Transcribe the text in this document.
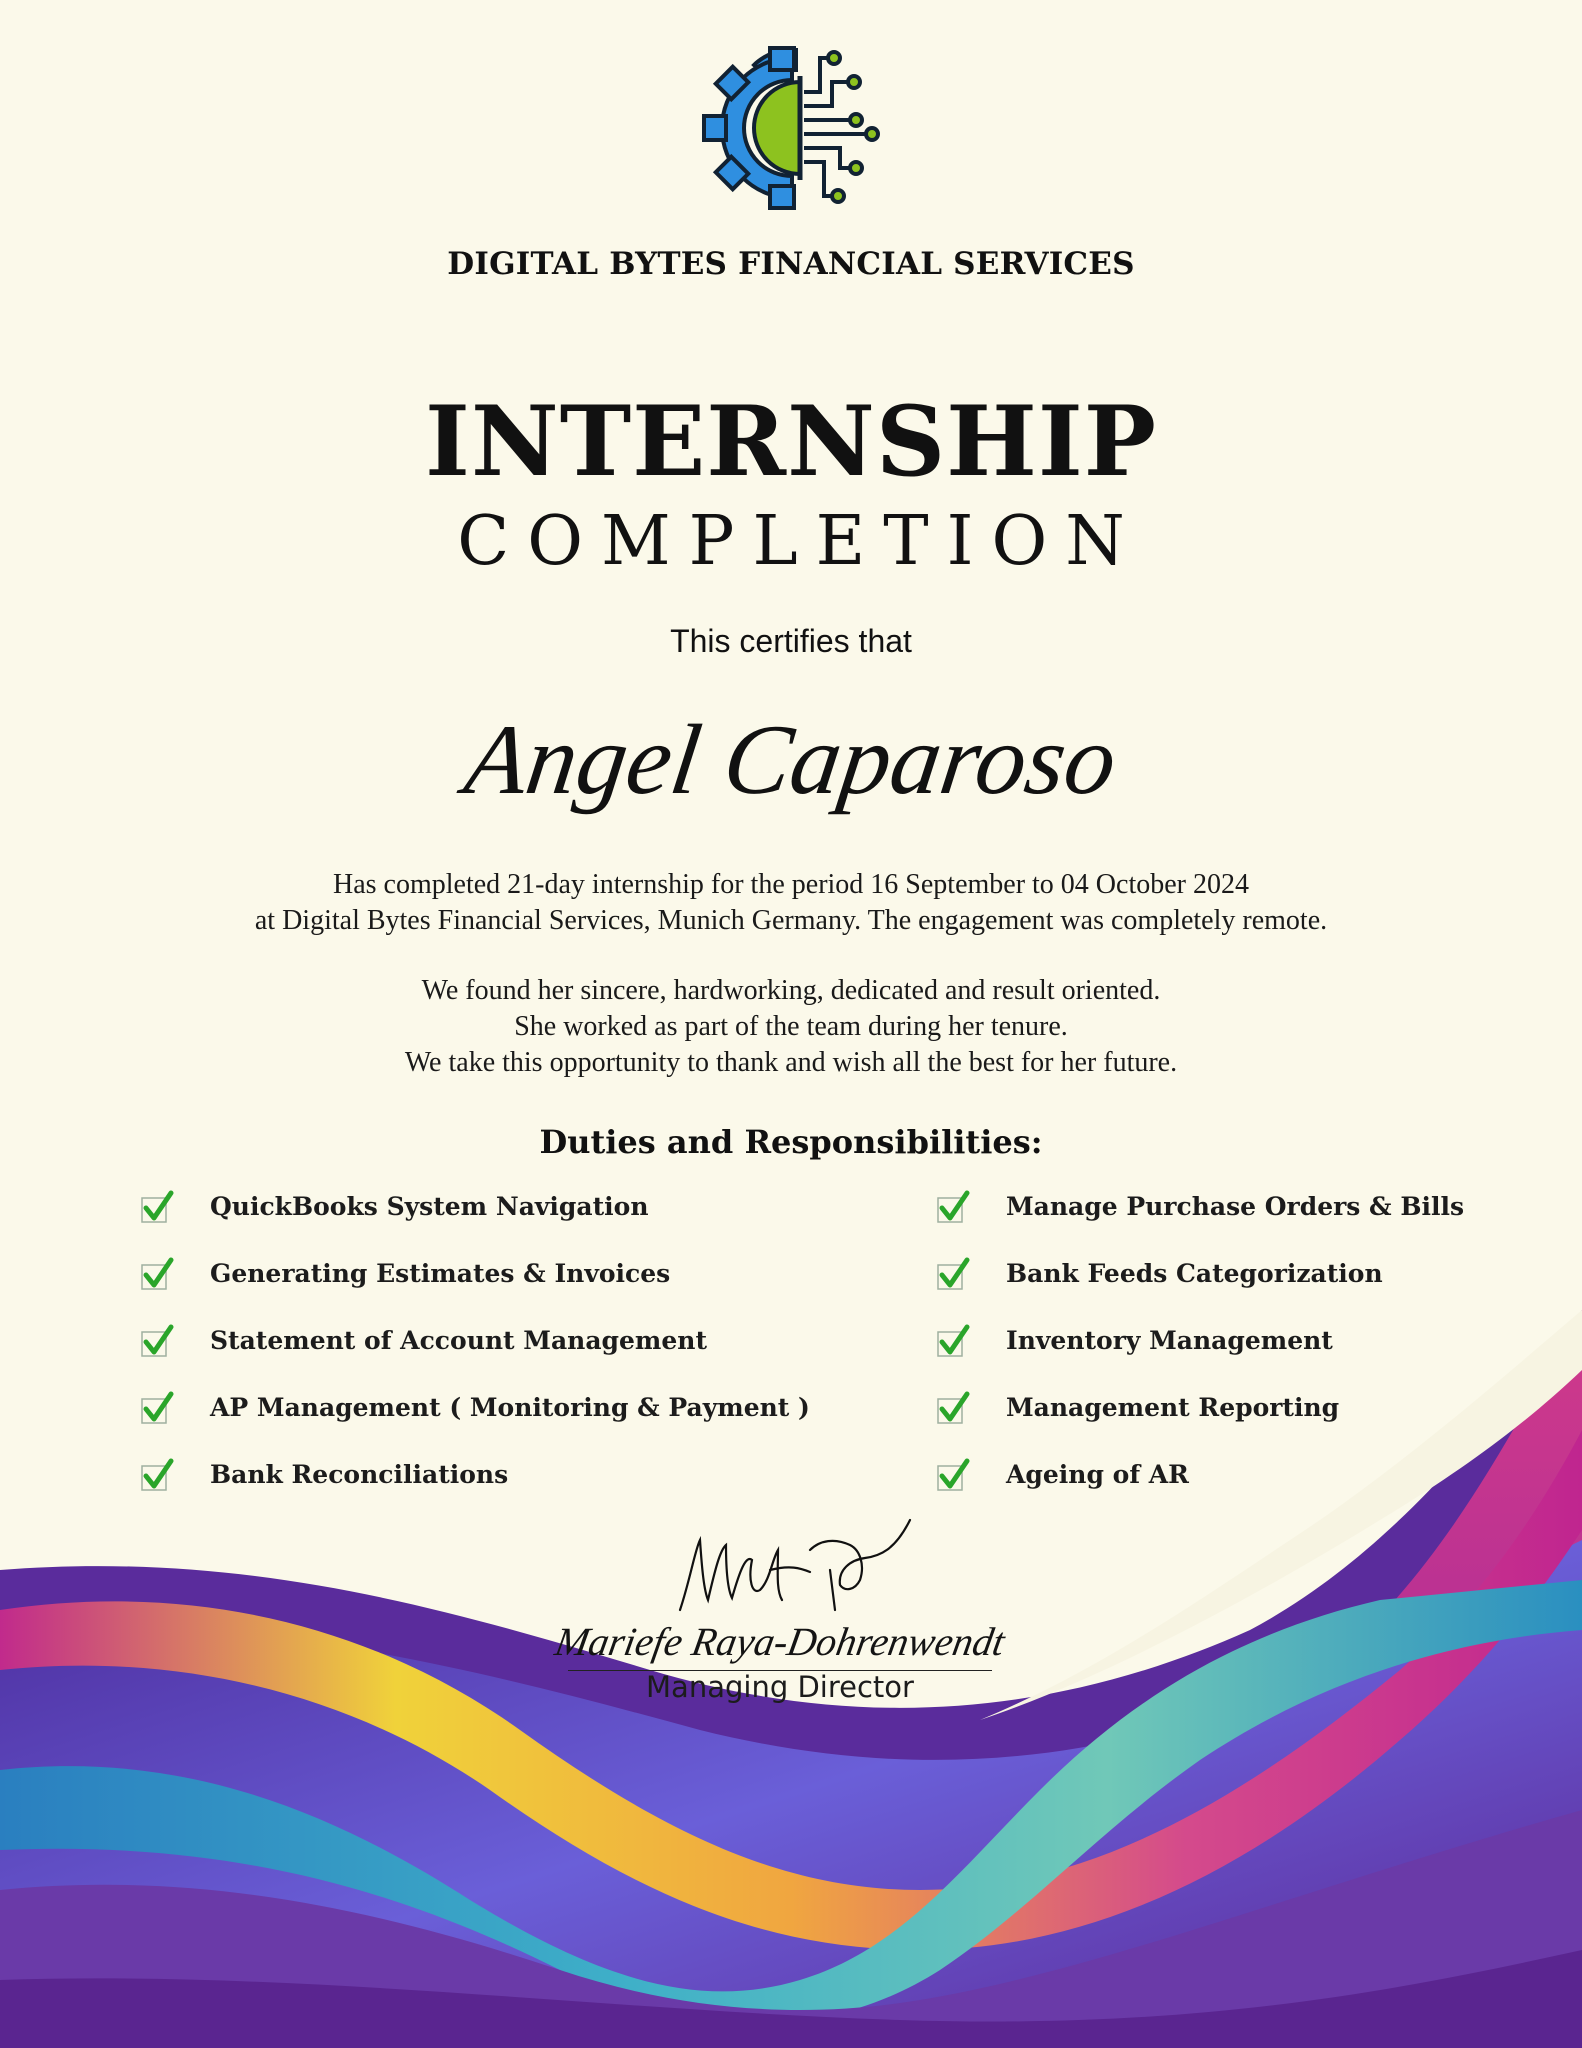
DIGITAL BYTES FINANCIAL SERVICES
INTERNSHIP
COMPLETION
This certifies that
Angel Caparoso

Has completed 21-day internship for the period 16 September to 04 October 2024

at Digital Bytes Financial Services, Munich Germany. The engagement was completely remote.

We found her sincere, hardworking, dedicated and result oriented.

She worked as part of the team during her tenure.

We take this opportunity to thank and wish all the best for her future.

Duties and Responsibilities:
QuickBooks System Navigation
Generating Estimates & Invoices
Statement of Account Management
AP Management ( Monitoring & Payment )
Bank Reconciliations
Manage Purchase Orders & Bills
Bank Feeds Categorization
Inventory Management
Management Reporting
Ageing of AR
Mariefe Raya-Dohrenwendt
Managing Director
